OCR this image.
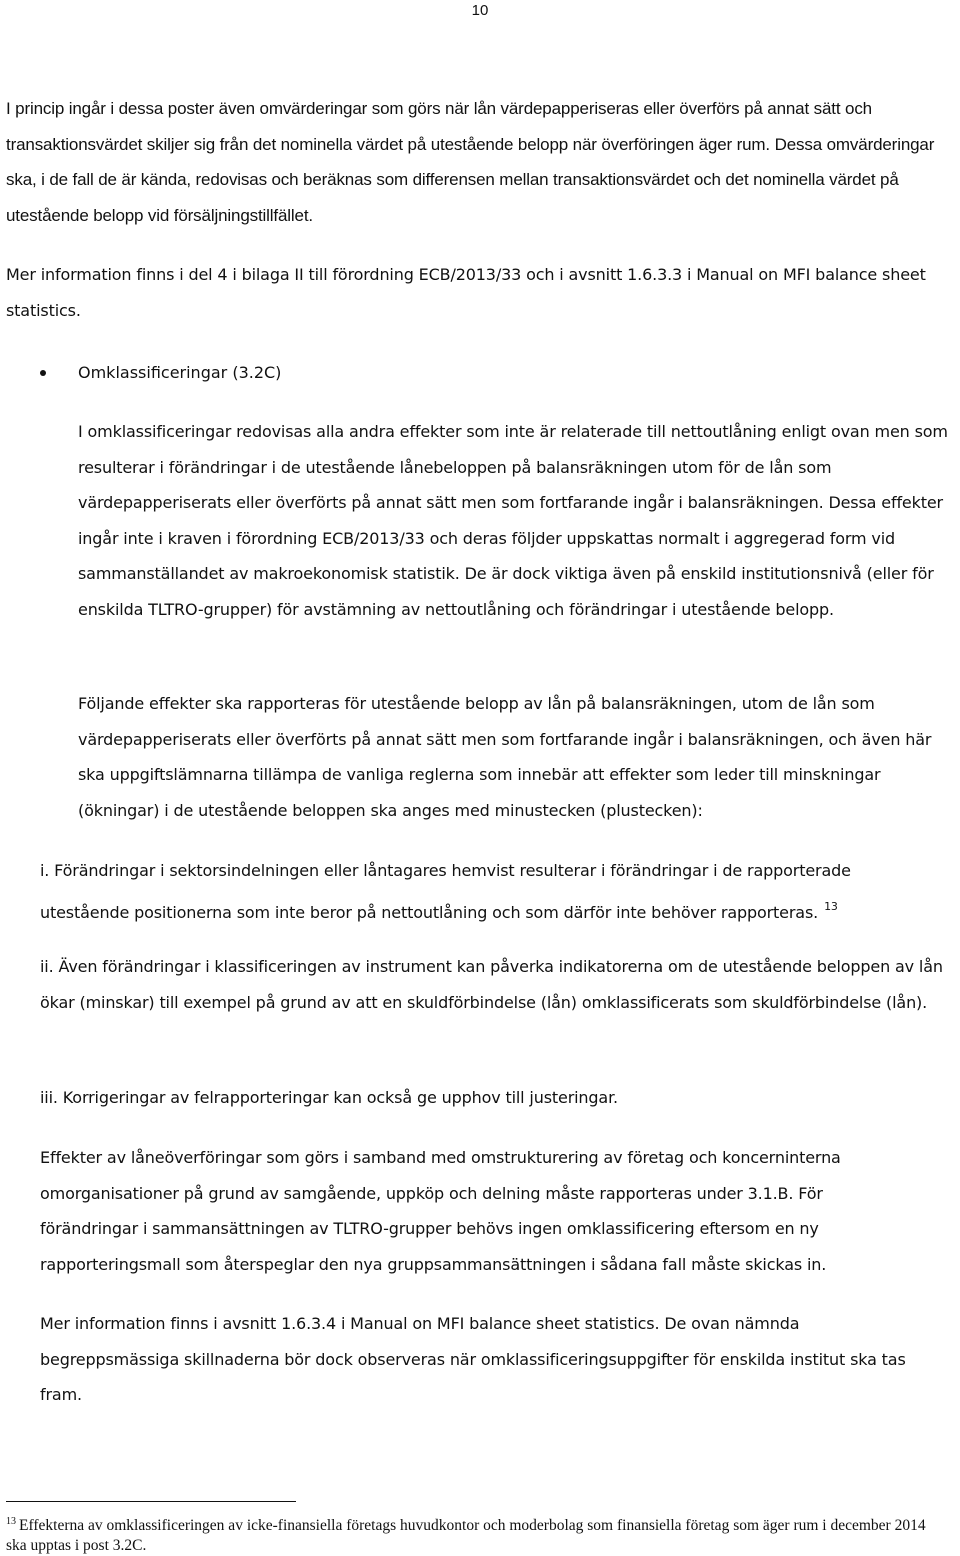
10

I princip ingår i dessa poster även omvärderingar som görs när lån värdepapperiseras eller överförs på annat sätt och transaktionsvärdet skiljer sig från det nominella värdet på utestående belopp när överföringen äger rum. Dessa omvärderingar ska, i de fall de är kända, redovisas och beräknas som differensen mellan transaktionsvärdet och det nominella värdet på utestående belopp vid försäljningstillfället.

Mer information finns i del 4 i bilaga II till förordning ECB/2013/33 och i avsnitt 1.6.3.3 i Manual on MFI balance sheet statistics.

Omklassificeringar (3.2C)

I omklassificeringar redovisas alla andra effekter som inte är relaterade till nettoutlåning enligt ovan men som resulterar i förändringar i de utestående lånebeloppen på balansräkningen utom för de lån som värdepapperiserats eller överförts på annat sätt men som fortfarande ingår i balansräkningen. Dessa effekter ingår inte i kraven i förordning ECB/2013/33 och deras följder uppskattas normalt i aggregerad form vid sammanställandet av makroekonomisk statistik. De är dock viktiga även på enskild institutionsnivå (eller för enskilda TLTRO-grupper) för avstämning av nettoutlåning och förändringar i utestående belopp.

Följande effekter ska rapporteras för utestående belopp av lån på balansräkningen, utom de lån som värdepapperiserats eller överförts på annat sätt men som fortfarande ingår i balansräkningen, och även här ska uppgiftslämnarna tillämpa de vanliga reglerna som innebär att effekter som leder till minskningar (ökningar) i de utestående beloppen ska anges med minustecken (plustecken):

i. Förändringar i sektorsindelningen eller låntagares hemvist resulterar i förändringar i de rapporterade utestående positionerna som inte beror på nettoutlåning och som därför inte behöver rapporteras. $^{13}$

ii. Även förändringar i klassificeringen av instrument kan påverka indikatorerna om de utestående beloppen av lån ökar (minskar) till exempel på grund av att en skuldförbindelse (lån) omklassificerats som skuldförbindelse (lån).

iii. Korrigeringar av felrapporteringar kan också ge upphov till justeringar.

Effekter av låneöverföringar som görs i samband med omstrukturering av företag och koncerninterna omorganisationer på grund av samgående, uppköp och delning måste rapporteras under 3.1.B. För förändringar i sammansättningen av TLTRO-grupper behövs ingen omklassificering eftersom en ny rapporteringsmall som återspeglar den nya gruppsammansättningen i sådana fall måste skickas in.

Mer information finns i avsnitt 1.6.3.4 i Manual on MFI balance sheet statistics. De ovan nämnda begreppsmässiga skillnaderna bör dock observeras när omklassificeringsuppgifter för enskilda institut ska tas fram.

$^{13}$ Effekterna av omklassificeringen av icke-finansiella företags huvudkontor och moderbolag som finansiella företag som äger rum i december 2014 ska upptas i post 3.2C.
